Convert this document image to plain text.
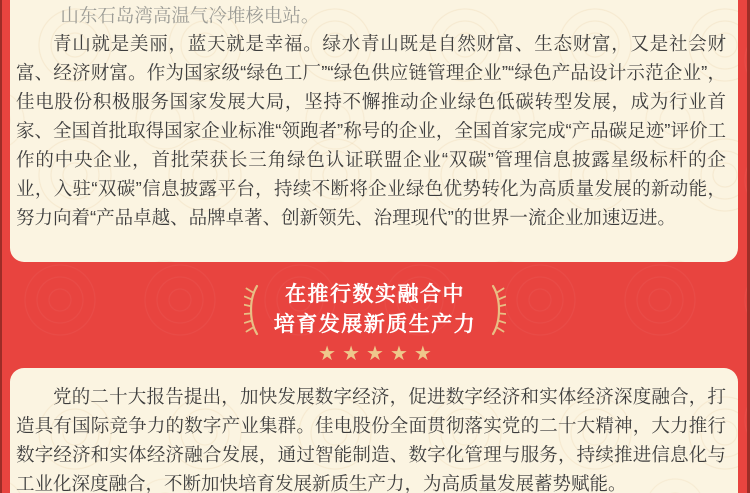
山东石岛湾高温气冷堆核电站。

青山就是美丽，蓝天就是幸福。绿水青山既是自然财富、生态财富，又是社会财富、经济财富。作为国家级“绿色工厂”“绿色供应链管理企业”“绿色产品设计示范企业”，佳电股份积极服务国家发展大局，坚持不懈推动企业绿色低碳转型发展，成为行业首家、全国首批取得国家企业标准“领跑者”称号的企业，全国首家完成“产品碳足迹”评价工作的中央企业，首批荣获长三角绿色认证联盟企业“双碳”管理信息披露星级标杆的企业，入驻“双碳”信息披露平台，持续不断将企业绿色优势转化为高质量发展的新动能，努力向着“产品卓越、品牌卓著、创新领先、治理现代”的世界一流企业加速迈进。

在推行数实融合中

培育发展新质生产力

★★★★★

党的二十大报告提出，加快发展数字经济，促进数字经济和实体经济深度融合，打造具有国际竞争力的数字产业集群。佳电股份全面贯彻落实党的二十大精神，大力推行数字经济和实体经济融合发展，通过智能制造、数字化管理与服务，持续推进信息化与工业化深度融合，不断加快培育发展新质生产力，为高质量发展蓄势赋能。
